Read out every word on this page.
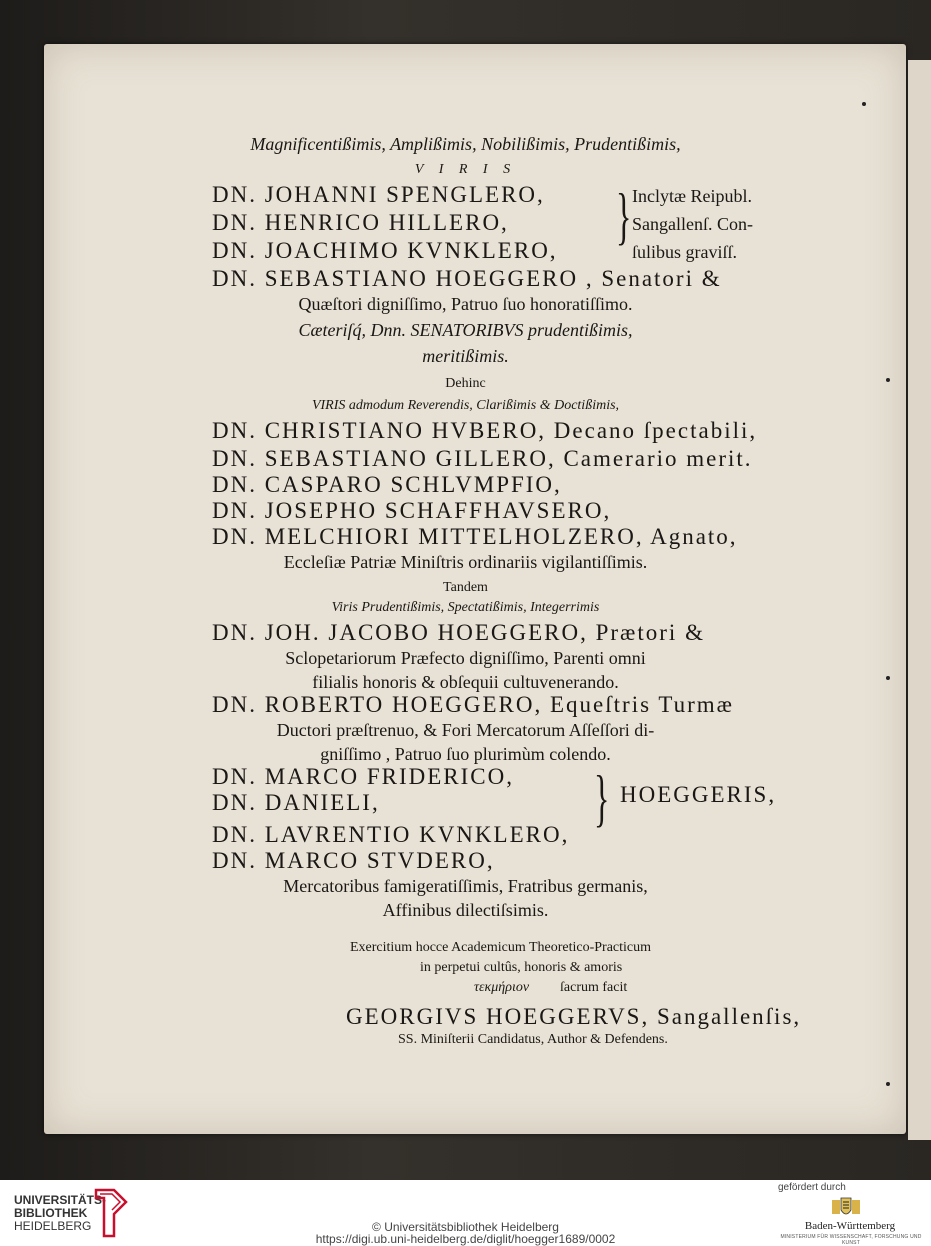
Magnificentißimis, Amplißimis, Nobilißimis, Prudentißimis,
V I R I S
DN. JOHANNI SPENGLERO,	Inclytæ Reipubl.
DN. HENRICO HILLERO,	Sangallenſ. Con-
DN. JOACHIMO KVNKLERO,	ſulibus graviſſ.
}
DN. SEBASTIANO HOEGGERO , Senatori &
Quæſtori digniſſimo, Patruo ſuo honoratiſſimo.
Cæteriſq́, Dnn. SENATORIBVS prudentißimis,
meritißimis.
Dehinc
VIRIS admodum Reverendis, Clarißimis & Doctißimis,
DN. CHRISTIANO HVBERO, Decano ſpectabili,
DN. SEBASTIANO GILLERO, Camerario merit.
DN. CASPARO SCHLVMPFIO,
DN. JOSEPHO SCHAFFHAVSERO,
DN. MELCHIORI MITTELHOLZERO, Agnato,
Eccleſiæ Patriæ Miniſtris ordinariis vigilantiſſimis.
Tandem
Viris Prudentißimis, Spectatißimis, Integerrimis
DN. JOH. JACOBO HOEGGERO, Prætori &
Sclopetariorum Præfecto digniſſimo, Parenti omni
filialis honoris & obſequii cultuvenerando.
DN. ROBERTO HOEGGERO, Equeſtris Turmæ
Ductori præſtrenuo, & Fori Mercatorum Aſſeſſori di-
gniſſimo , Patruo ſuo plurimùm colendo.
DN. MARCO FRIDERICO,
DN. DANIELI,	} HOEGGERIS,
DN. LAVRENTIO KVNKLERO,
DN. MARCO STVDERO,
Mercatoribus famigeratiſſimis, Fratribus germanis,
Affinibus dilectiſsimis.
Exercitium hocce Academicum Theoretico-Practicum
in perpetui cultûs, honoris & amoris
τεκμήριον ſacrum facit
GEORGIVS HOEGGERVS, Sangallenſis,
SS. Miniſterii Candidatus, Author & Defendens.
UNIVERSITÄTS-
BIBLIOTHEK
HEIDELBERG	© Universitätsbibliothek Heidelberg
https://digi.ub.uni-heidelberg.de/diglit/hoegger1689/0002
gefördert durch
Baden-Württemberg
MINISTERIUM FÜR WISSENSCHAFT, FORSCHUNG UND KUNST
